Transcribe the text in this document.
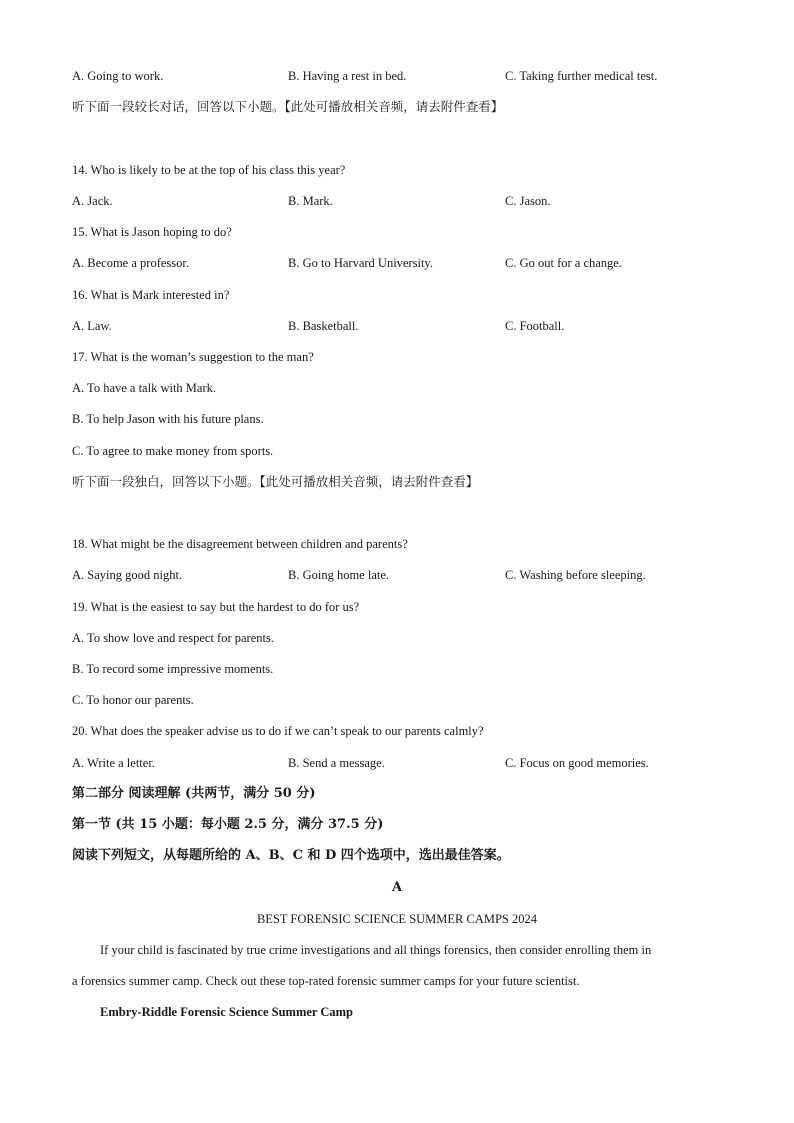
A. Going to work.	B. Having a rest in bed.	C. Taking further medical test.
听下面一段较长对话，回答以下小题。【此处可播放相关音频，请去附件查看】
14. Who is likely to be at the top of his class this year?
A. Jack.	B. Mark.	C. Jason.
15. What is Jason hoping to do?
A. Become a professor.	B. Go to Harvard University.	C. Go out for a change.
16. What is Mark interested in?
A. Law.	B. Basketball.	C. Football.
17. What is the woman’s suggestion to the man?
A. To have a talk with Mark.
B. To help Jason with his future plans.
C. To agree to make money from sports.
听下面一段独白，回答以下小题。【此处可播放相关音频，请去附件查看】
18. What might be the disagreement between children and parents?
A. Saying good night.	B. Going home late.	C. Washing before sleeping.
19. What is the easiest to say but the hardest to do for us?
A. To show love and respect for parents.
B. To record some impressive moments.
C. To honor our parents.
20. What does the speaker advise us to do if we can’t speak to our parents calmly?
A. Write a letter.	B. Send a message.	C. Focus on good memories.
第二部分 阅读理解 (共两节，满分 50 分)
第一节 (共 15 小题：每小题 2.5 分，满分 37.5 分)
阅读下列短文，从每题所给的 A、B、C 和 D 四个选项中，选出最佳答案。
A
BEST FORENSIC SCIENCE SUMMER CAMPS 2024
If your child is fascinated by true crime investigations and all things forensics, then consider enrolling them in
a forensics summer camp. Check out these top-rated forensic summer camps for your future scientist.
Embry-Riddle Forensic Science Summer Camp
